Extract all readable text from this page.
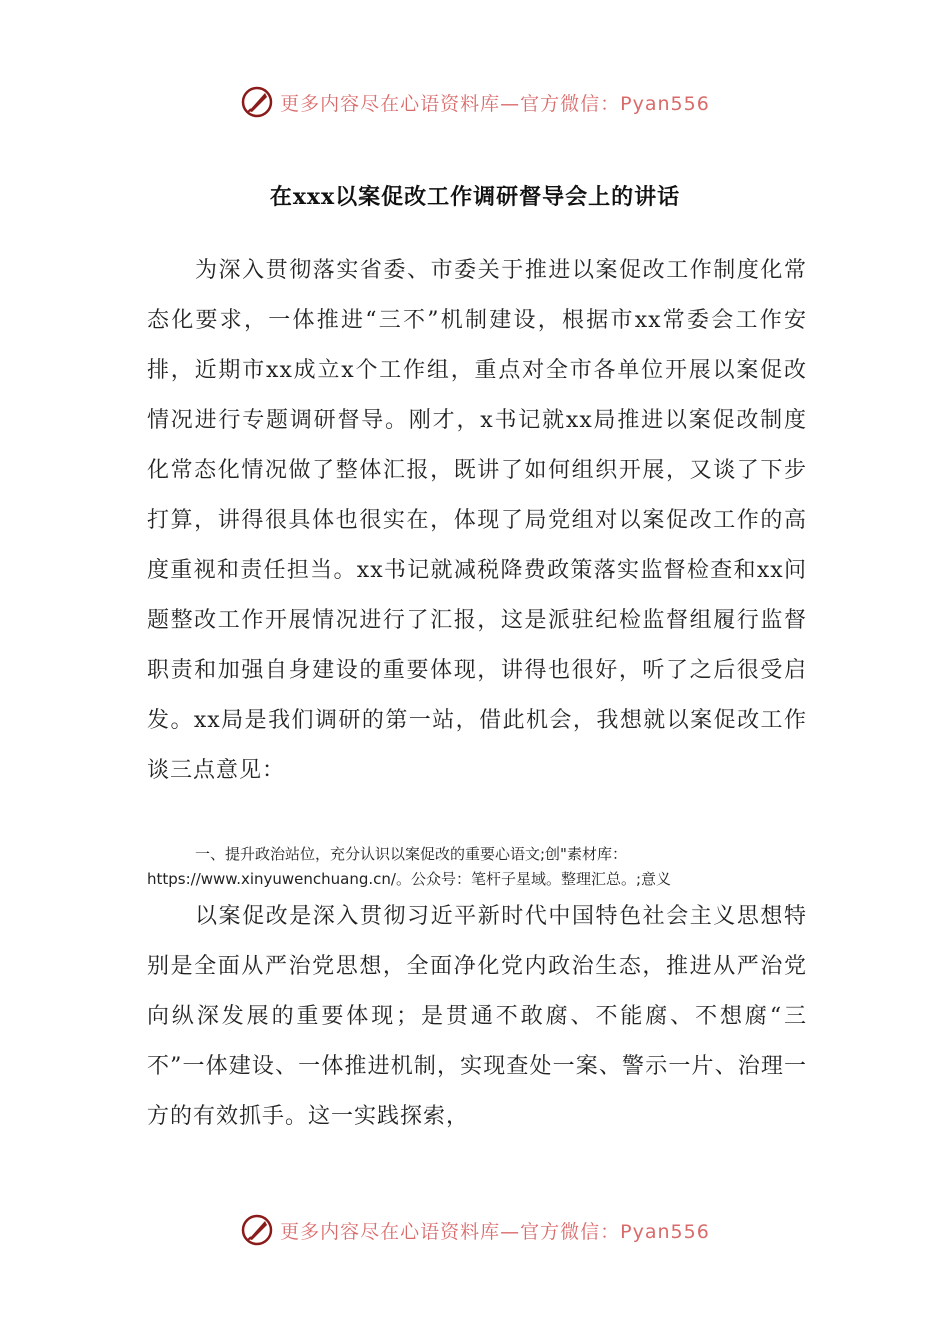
更多内容尽在心语资料库—官方微信：Pyan556
在xxx以案促改工作调研督导会上的讲话
为深入贯彻落实省委、市委关于推进以案促改工作制度化常态化要求，一体推进“三不”机制建设，根据市xx常委会工作安排，近期市xx成立x个工作组，重点对全市各单位开展以案促改情况进行专题调研督导。刚才，x书记就xx局推进以案促改制度化常态化情况做了整体汇报，既讲了如何组织开展，又谈了下步打算，讲得很具体也很实在，体现了局党组对以案促改工作的高度重视和责任担当。xx书记就减税降费政策落实监督检查和xx问题整改工作开展情况进行了汇报，这是派驻纪检监督组履行监督职责和加强自身建设的重要体现，讲得也很好，听了之后很受启发。xx局是我们调研的第一站，借此机会，我想就以案促改工作谈三点意见：
一、提升政治站位，充分认识以案促改的重要心语文;创"素材库：
https://www.xinyuwenchuang.cn/。公众号：笔杆子星域。整理汇总。;意义
以案促改是深入贯彻习近平新时代中国特色社会主义思想特别是全面从严治党思想，全面净化党内政治生态，推进从严治党向纵深发展的重要体现；是贯通不敢腐、不能腐、不想腐“三不”一体建设、一体推进机制，实现查处一案、警示一片、治理一方的有效抓手。这一实践探索，
更多内容尽在心语资料库—官方微信：Pyan556
